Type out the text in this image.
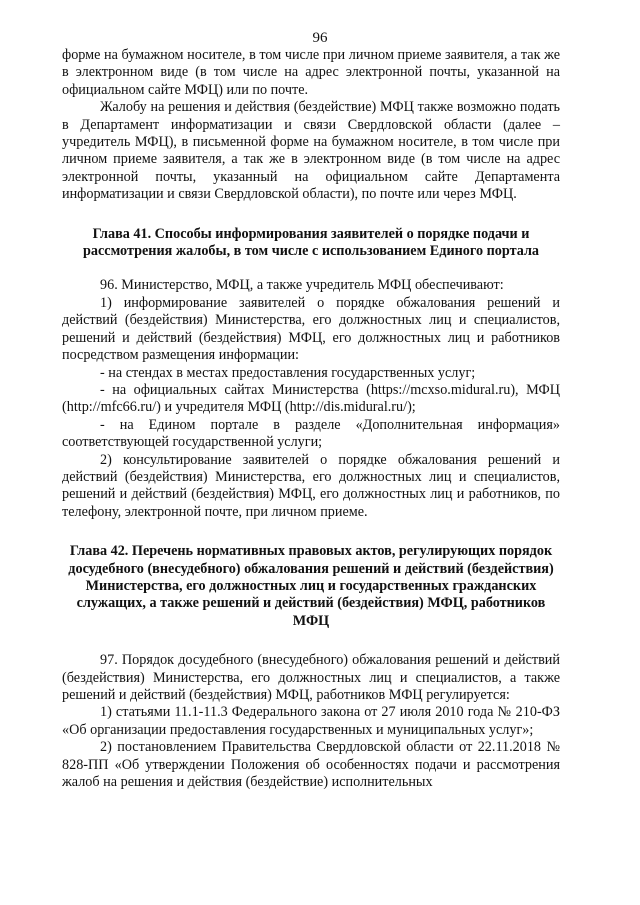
96

форме на бумажном носителе, в том числе при личном приеме заявителя, а так же в электронном виде (в том числе на адрес электронной почты, указанной на официальном сайте МФЦ) или по почте.

Жалобу на решения и действия (бездействие) МФЦ также возможно подать в Департамент информатизации и связи Свердловской области (далее – учредитель МФЦ), в письменной форме на бумажном носителе, в том числе при личном приеме заявителя, а так же в электронном виде (в том числе на адрес электронной почты, указанный на официальном сайте Департамента информатизации и связи Свердловской области), по почте или через МФЦ.

Глава 41. Способы информирования заявителей о порядке подачи и рассмотрения жалобы, в том числе с использованием Единого портала

96. Министерство, МФЦ, а также учредитель МФЦ обеспечивают:

1) информирование заявителей о порядке обжалования решений и действий (бездействия) Министерства, его должностных лиц и специалистов, решений и действий (бездействия) МФЦ, его должностных лиц и работников посредством размещения информации:

- на стендах в местах предоставления государственных услуг;

- на официальных сайтах Министерства (https://mcxso.midural.ru), МФЦ (http://mfc66.ru/) и учредителя МФЦ (http://dis.midural.ru/);

- на Едином портале в разделе «Дополнительная информация» соответствующей государственной услуги;

2) консультирование заявителей о порядке обжалования решений и действий (бездействия) Министерства, его должностных лиц и специалистов, решений и действий (бездействия) МФЦ, его должностных лиц и работников, по телефону, электронной почте, при личном приеме.

Глава 42. Перечень нормативных правовых актов, регулирующих порядок досудебного (внесудебного) обжалования решений и действий (бездействия) Министерства, его должностных лиц и государственных гражданских служащих, а также решений и действий (бездействия) МФЦ, работников МФЦ

97. Порядок досудебного (внесудебного) обжалования решений и действий (бездействия) Министерства, его должностных лиц и специалистов, а также решений и действий (бездействия) МФЦ, работников МФЦ регулируется:

1) статьями 11.1-11.3 Федерального закона от 27 июля 2010 года № 210-ФЗ «Об организации предоставления государственных и муниципальных услуг»;

2) постановлением Правительства Свердловской области от 22.11.2018 № 828-ПП «Об утверждении Положения об особенностях подачи и рассмотрения жалоб на решения и действия (бездействие) исполнительных
